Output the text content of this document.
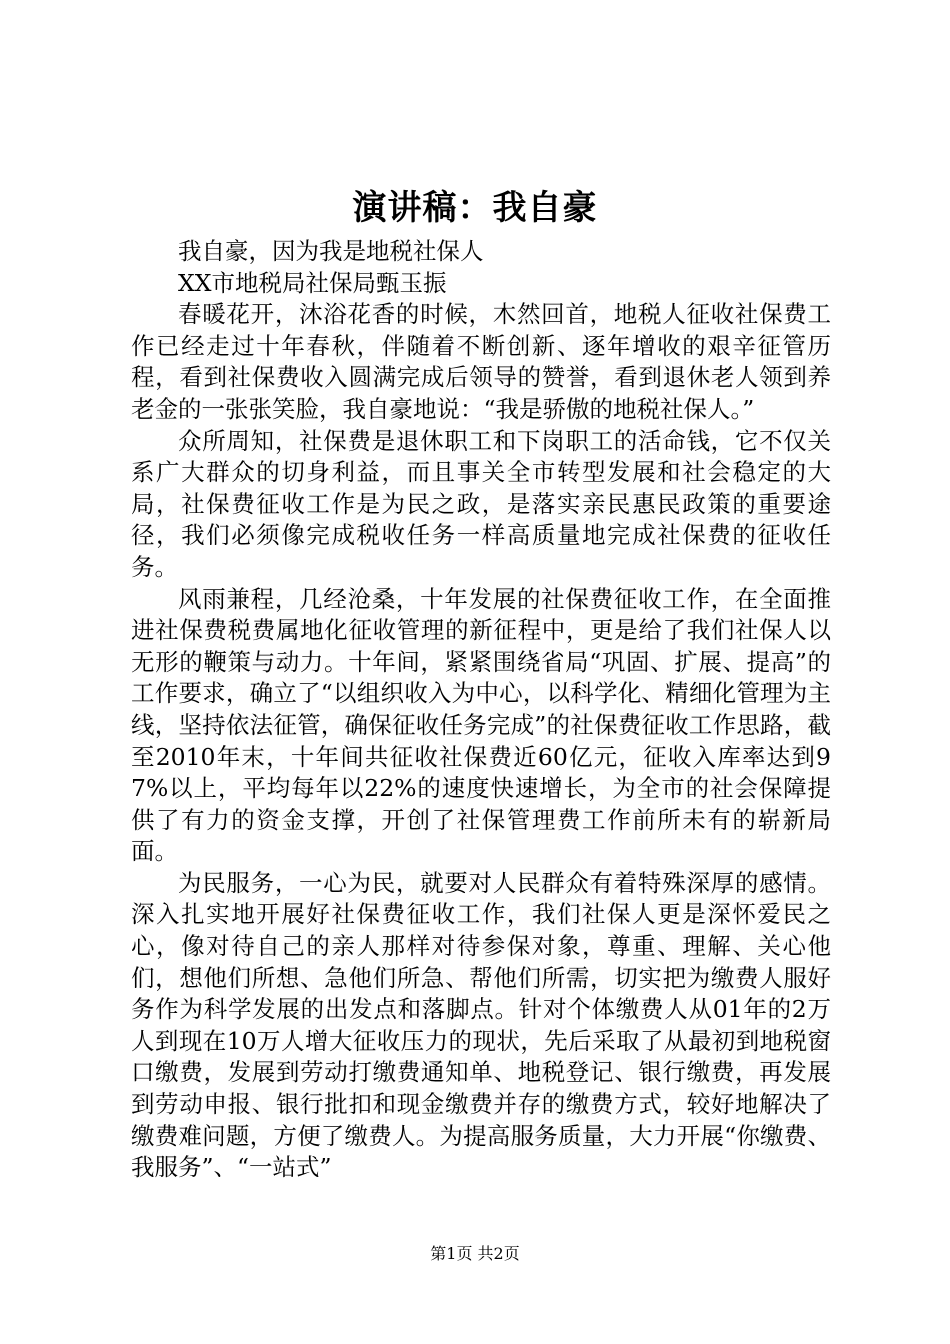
演讲稿：我自豪

我自豪，因为我是地税社保人

XX市地税局社保局甄玉振

春暖花开，沐浴花香的时候，木然回首，地税人征收社保费工作已经走过十年春秋，伴随着不断创新、逐年增收的艰辛征管历程，看到社保费收入圆满完成后领导的赞誉，看到退休老人领到养老金的一张张笑脸，我自豪地说：“我是骄傲的地税社保人。”

众所周知，社保费是退休职工和下岗职工的活命钱，它不仅关系广大群众的切身利益，而且事关全市转型发展和社会稳定的大局，社保费征收工作是为民之政，是落实亲民惠民政策的重要途径，我们必须像完成税收任务一样高质量地完成社保费的征收任务。

风雨兼程，几经沧桑，十年发展的社保费征收工作，在全面推进社保费税费属地化征收管理的新征程中，更是给了我们社保人以无形的鞭策与动力。十年间，紧紧围绕省局“巩固、扩展、提高”的工作要求，确立了“以组织收入为中心，以科学化、精细化管理为主线，坚持依法征管，确保征收任务完成”的社保费征收工作思路，截至2010年末，十年间共征收社保费近60亿元，征收入库率达到97%以上，平均每年以22%的速度快速增长，为全市的社会保障提供了有力的资金支撑，开创了社保管理费工作前所未有的崭新局面。

为民服务，一心为民，就要对人民群众有着特殊深厚的感情。深入扎实地开展好社保费征收工作，我们社保人更是深怀爱民之心，像对待自己的亲人那样对待参保对象，尊重、理解、关心他们，想他们所想、急他们所急、帮他们所需，切实把为缴费人服好务作为科学发展的出发点和落脚点。针对个体缴费人从01年的2万人到现在10万人增大征收压力的现状，先后采取了从最初到地税窗口缴费，发展到劳动打缴费通知单、地税登记、银行缴费，再发展到劳动申报、银行批扣和现金缴费并存的缴费方式，较好地解决了缴费难问题，方便了缴费人。为提高服务质量，大力开展“你缴费、我服务”、“一站式”

第1页 共2页
